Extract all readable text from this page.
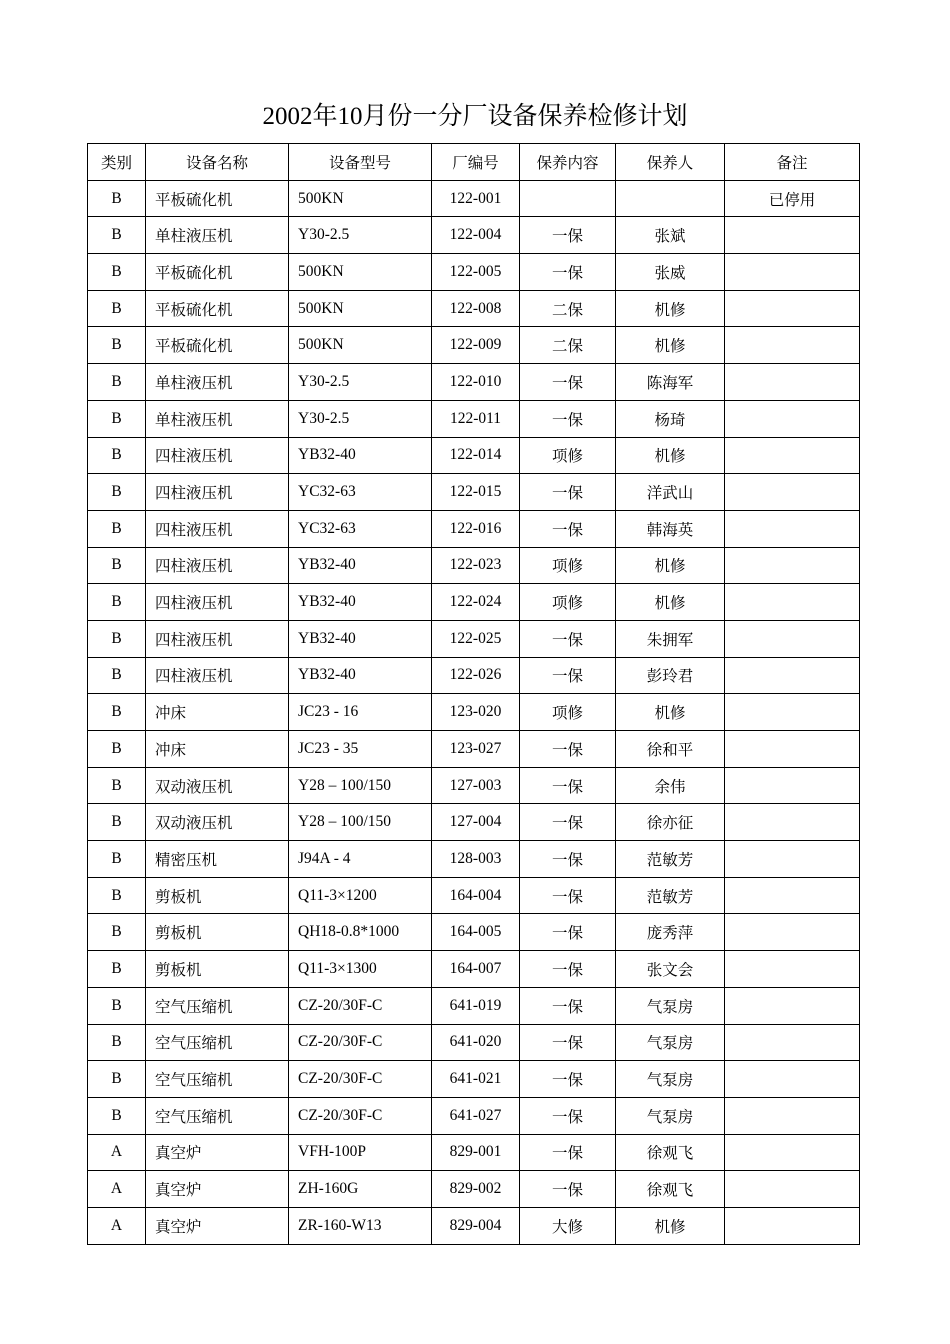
2002年10月份一分厂设备保养检修计划
类别	设备名称	设备型号	厂编号	保养内容	保养人	备注
B	平板硫化机	500KN	122-001			已停用
B	单柱液压机	Y30-2.5	122-004	一保	张斌	
B	平板硫化机	500KN	122-005	一保	张威	
B	平板硫化机	500KN	122-008	二保	机修	
B	平板硫化机	500KN	122-009	二保	机修	
B	单柱液压机	Y30-2.5	122-010	一保	陈海军	
B	单柱液压机	Y30-2.5	122-011	一保	杨琦	
B	四柱液压机	YB32-40	122-014	项修	机修	
B	四柱液压机	YC32-63	122-015	一保	洋武山	
B	四柱液压机	YC32-63	122-016	一保	韩海英	
B	四柱液压机	YB32-40	122-023	项修	机修	
B	四柱液压机	YB32-40	122-024	项修	机修	
B	四柱液压机	YB32-40	122-025	一保	朱拥军	
B	四柱液压机	YB32-40	122-026	一保	彭玲君	
B	冲床	JC23 - 16	123-020	项修	机修	
B	冲床	JC23 - 35	123-027	一保	徐和平	
B	双动液压机	Y28 – 100/150	127-003	一保	余伟	
B	双动液压机	Y28 – 100/150	127-004	一保	徐亦征	
B	精密压机	J94A - 4	128-003	一保	范敏芳	
B	剪板机	Q11-3×1200	164-004	一保	范敏芳	
B	剪板机	QH18-0.8*1000	164-005	一保	庞秀萍	
B	剪板机	Q11-3×1300	164-007	一保	张文会	
B	空气压缩机	CZ-20/30F-C	641-019	一保	气泵房	
B	空气压缩机	CZ-20/30F-C	641-020	一保	气泵房	
B	空气压缩机	CZ-20/30F-C	641-021	一保	气泵房	
B	空气压缩机	CZ-20/30F-C	641-027	一保	气泵房	
A	真空炉	VFH-100P	829-001	一保	徐观飞	
A	真空炉	ZH-160G	829-002	一保	徐观飞	
A	真空炉	ZR-160-W13	829-004	大修	机修	
